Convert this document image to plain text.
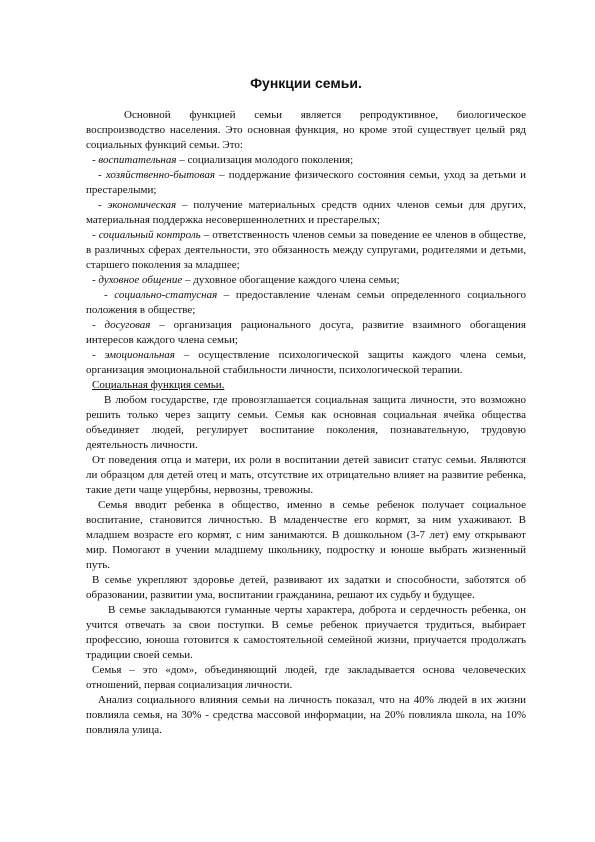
Функции семьи.

Основной функцией семьи является репродуктивное, биологическое воспроизводство населения. Это основная функция, но кроме этой существует целый ряд социальных функций семьи. Это:

- воспитательная – социализация молодого поколения;

- хозяйственно-бытовая – поддержание физического состояния семьи, уход за детьми и престарелыми;

- экономическая – получение материальных средств одних членов семьи для других, материальная поддержка несовершеннолетних и престарелых;

- социальный контроль – ответственность членов семьи за поведение ее членов в обществе, в различных сферах деятельности, это обязанность между супругами, родителями и детьми, старшего поколения за младшее;

- духовное общение – духовное обогащение каждого члена семьи;

- социально-статусная – предоставление членам семьи определенного социального положения в обществе;

- досуговая – организация рационального досуга, развитие взаимного обогащения интересов каждого члена семьи;

- эмоциональная – осуществление психологической защиты каждого члена семьи, организация эмоциональной стабильности личности, психологической терапии.

Социальная функция семьи.

В любом государстве, где провозглашается социальная защита личности, это возможно решить только через защиту семьи. Семья как основная социальная ячейка общества объединяет людей, регулирует воспитание поколения, познавательную, трудовую деятельность личности.

От поведения отца и матери, их роли в воспитании детей зависит статус семьи. Являются ли образцом для детей отец и мать, отсутствие их отрицательно влияет на развитие ребенка, такие дети чаще ущербны, нервозны, тревожны.

Семья вводит ребенка в общество, именно в семье ребенок получает социальное воспитание, становится личностью. В младенчестве его кормят, за ним ухаживают. В младшем возрасте его кормят, с ним занимаются. В дошкольном (3-7 лет) ему открывают мир. Помогают в учении младшему школьнику, подростку и юноше выбрать жизненный путь.

В семье укрепляют здоровье детей, развивают их задатки и способности, заботятся об образовании, развитии ума, воспитании гражданина, решают их судьбу и будущее.

В семье закладываются гуманные черты характера, доброта и сердечность ребенка, он учится отвечать за свои поступки. В семье ребенок приучается трудиться, выбирает профессию, юноша готовится к самостоятельной семейной жизни, приучается продолжать традиции своей семьи.

Семья – это «дом», объединяющий людей, где закладывается основа человеческих отношений, первая социализация личности.

Анализ социального влияния семьи на личность показал, что на 40% людей в их жизни повлияла семья, на 30% - средства массовой информации, на 20% повлияла школа, на 10% повлияла улица.
